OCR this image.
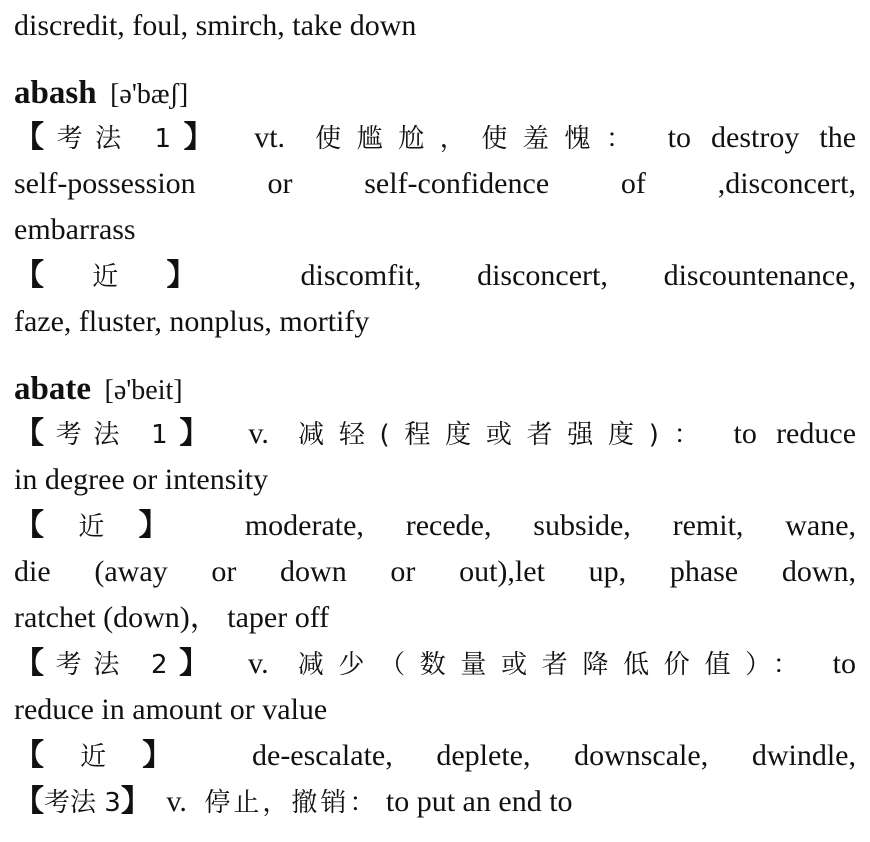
discredit, foul, smirch, take down
abash [ə'bæʃ]
【考法 1】 vt. 使尴尬，使羞愧： to destroy the
self-possession or self-confidence of ,disconcert,
embarrass
【近】 discomfit, disconcert, discountenance,
faze, fluster, nonplus, mortify
abate [ə'beit]
【考法 1】 v. 减轻(程度或者强度)： to reduce
in degree or intensity
【近】 moderate, recede, subside, remit, wane,
die (away or down or out),let up, phase down,
ratchet (down)， taper off
【考法 2】 v. 减少（数量或者降低价值）： to
reduce in amount or value
【近】 de-escalate, deplete, downscale, dwindle,
【考法 3】 v. 停止，撤销： to put an end to
